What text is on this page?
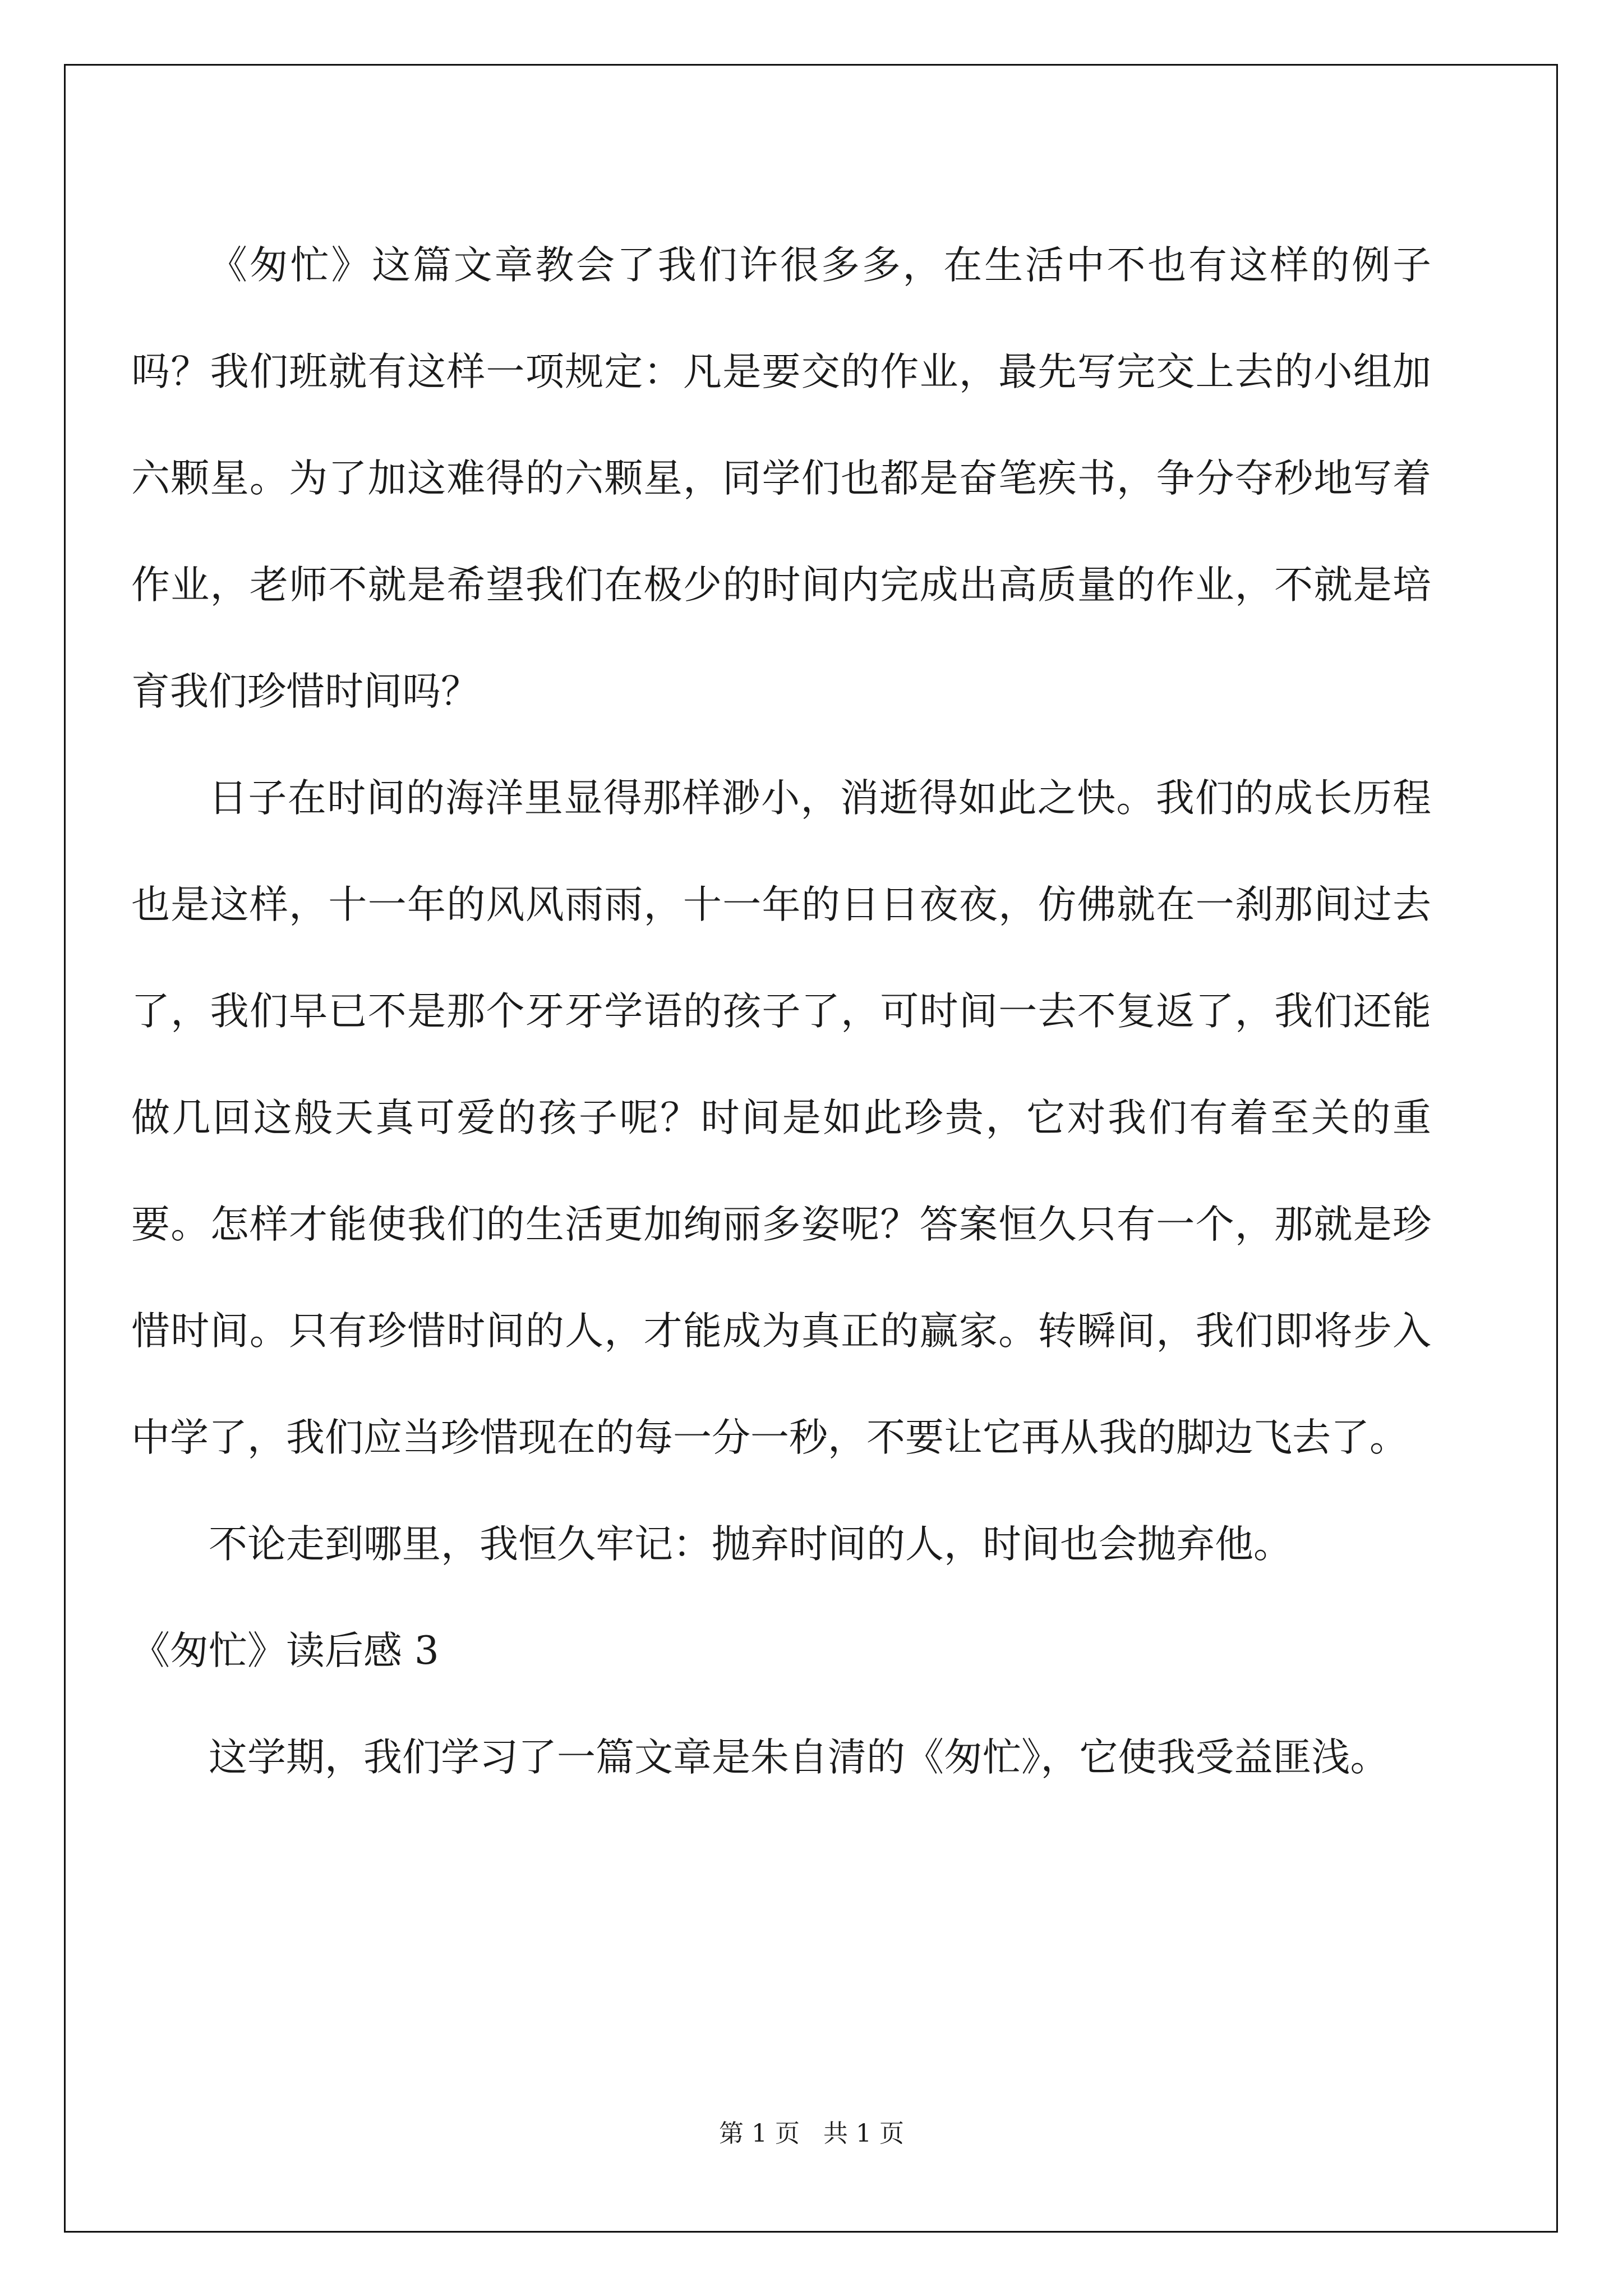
《匆忙》这篇文章教会了我们许很多多，在生活中不也有这样的例子吗？我们班就有这样一项规定：凡是要交的作业，最先写完交上去的小组加六颗星。为了加这难得的六颗星，同学们也都是奋笔疾书，争分夺秒地写着作业，老师不就是希望我们在极少的时间内完成出高质量的作业，不就是培育我们珍惜时间吗？

日子在时间的海洋里显得那样渺小，消逝得如此之快。我们的成长历程也是这样，十一年的风风雨雨，十一年的日日夜夜，仿佛就在一刹那间过去了，我们早已不是那个牙牙学语的孩子了，可时间一去不复返了，我们还能做几回这般天真可爱的孩子呢？时间是如此珍贵，它对我们有着至关的重要。怎样才能使我们的生活更加绚丽多姿呢？答案恒久只有一个，那就是珍惜时间。只有珍惜时间的人，才能成为真正的赢家。转瞬间，我们即将步入中学了，我们应当珍惜现在的每一分一秒，不要让它再从我的脚边飞去了。

不论走到哪里，我恒久牢记：抛弃时间的人，时间也会抛弃他。

《匆忙》读后感 3

这学期，我们学习了一篇文章是朱自清的《匆忙》，它使我受益匪浅。

第 1 页 共 1 页
